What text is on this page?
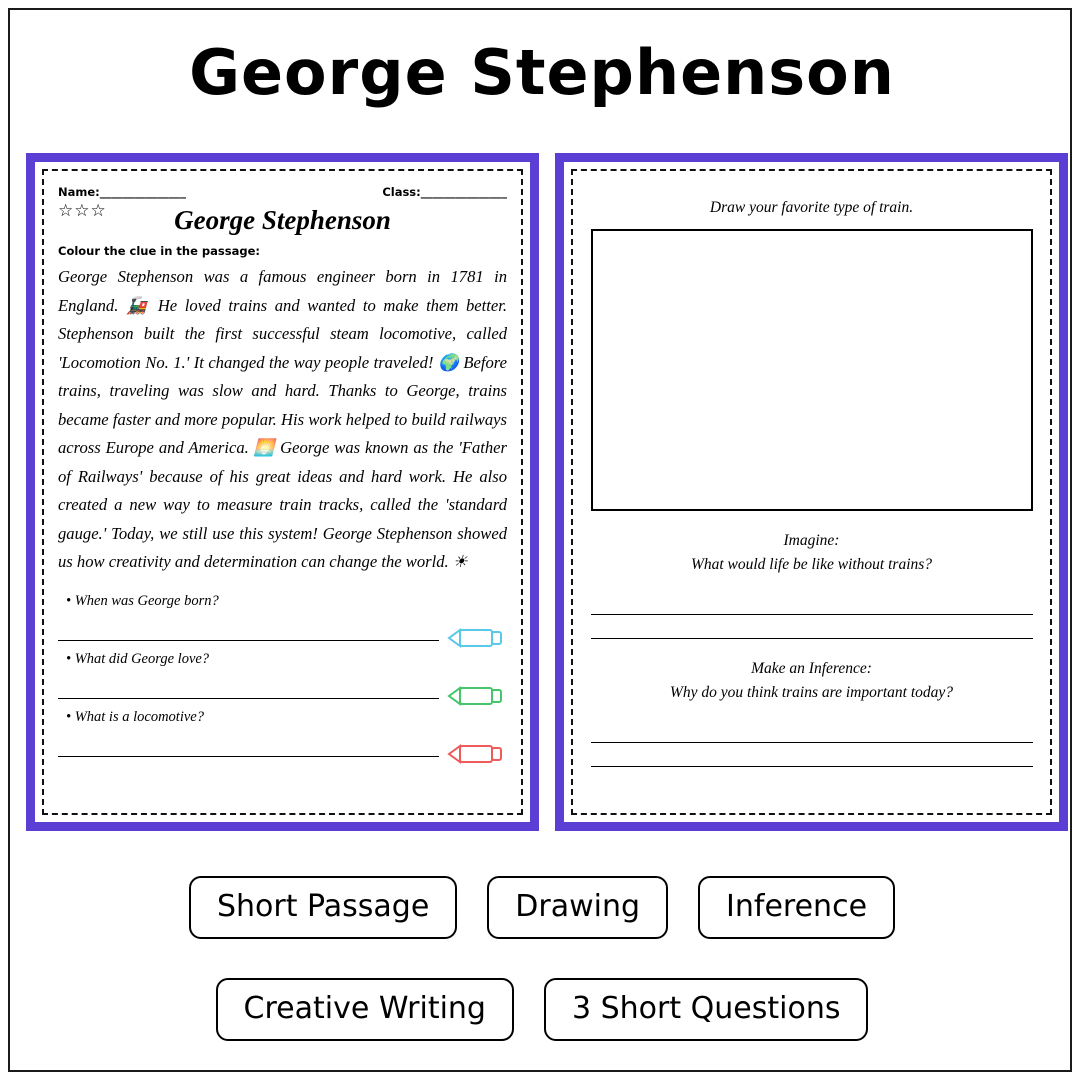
George Stephenson
Name:_______________	Class:_______________
☆☆☆	George Stephenson
Colour the clue in the passage:
George Stephenson was a famous engineer born in 1781 in England. 🚂 He loved trains and wanted to make them better. Stephenson built the first successful steam locomotive, called 'Locomotion No. 1.' It changed the way people traveled! 🌍 Before trains, traveling was slow and hard. Thanks to George, trains became faster and more popular. His work helped to build railways across Europe and America. 🌅 George was known as the 'Father of Railways' because of his great ideas and hard work. He also created a new way to measure train tracks, called the 'standard gauge.' Today, we still use this system! George Stephenson showed us how creativity and determination can change the world. ☀
• When was George born?
• What did George love?
• What is a locomotive?
Draw your favorite type of train.
Imagine:
What would life be like without trains?
Make an Inference:
Why do you think trains are important today?
Short Passage	Drawing	Inference
Creative Writing	3 Short Questions
